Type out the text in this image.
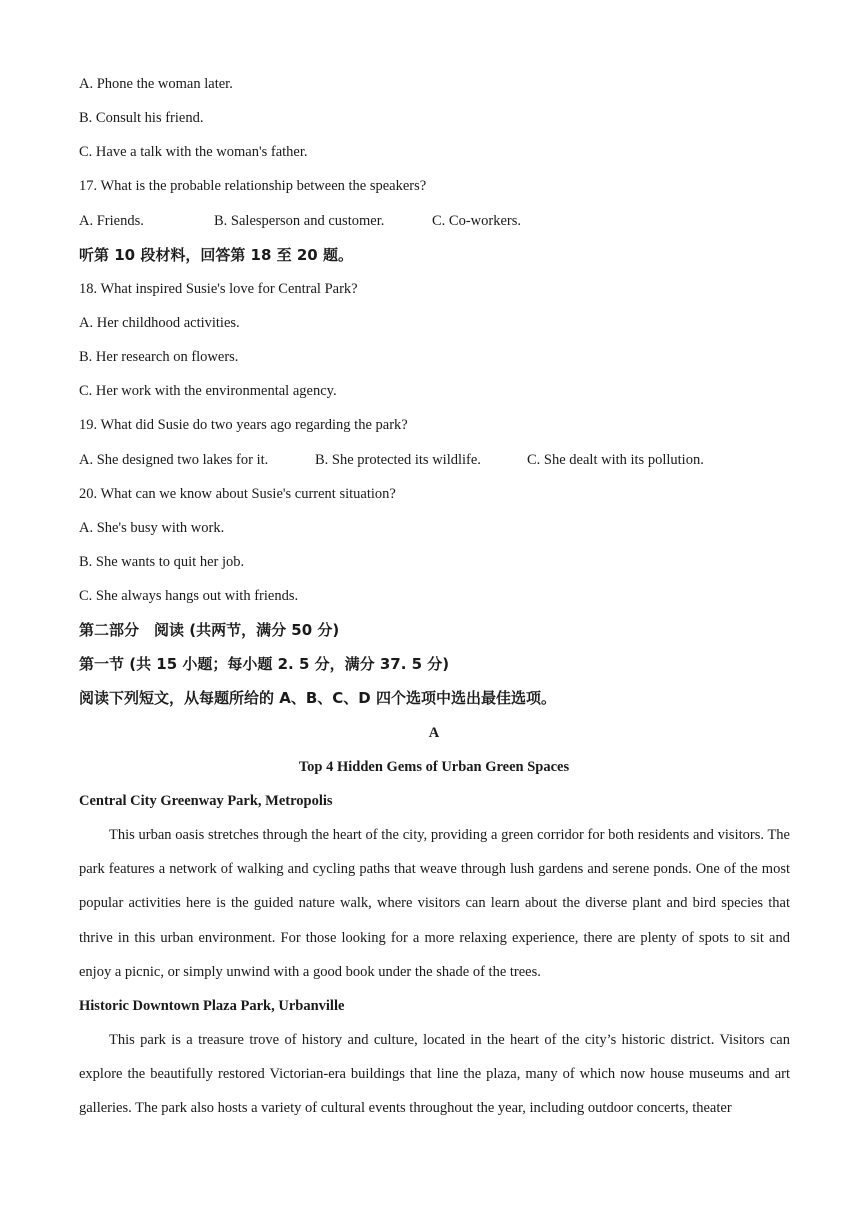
A. Phone the woman later.
B. Consult his friend.
C. Have a talk with the woman's father.
17. What is the probable relationship between the speakers?
A. Friends.	B. Salesperson and customer.	C. Co-workers.
听第 10 段材料，回答第 18 至 20 题。
18. What inspired Susie's love for Central Park?
A. Her childhood activities.
B. Her research on flowers.
C. Her work with the environmental agency.
19. What did Susie do two years ago regarding the park?
A. She designed two lakes for it.	B. She protected its wildlife.	C. She dealt with its pollution.
20. What can we know about Susie's current situation?
A. She's busy with work.
B. She wants to quit her job.
C. She always hangs out with friends.
第二部分　阅读 (共两节，满分 50 分)
第一节 (共 15 小题；每小题 2. 5 分，满分 37. 5 分)
阅读下列短文，从每题所给的 A、B、C、D 四个选项中选出最佳选项。
A
Top 4 Hidden Gems of Urban Green Spaces
Central City Greenway Park, Metropolis

This urban oasis stretches through the heart of the city, providing a green corridor for both residents and visitors. The park features a network of walking and cycling paths that weave through lush gardens and serene ponds. One of the most popular activities here is the guided nature walk, where visitors can learn about the diverse plant and bird species that thrive in this urban environment. For those looking for a more relaxing experience, there are plenty of spots to sit and enjoy a picnic, or simply unwind with a good book under the shade of the trees.

Historic Downtown Plaza Park, Urbanville

This park is a treasure trove of history and culture, located in the heart of the city’s historic district. Visitors can explore the beautifully restored Victorian-era buildings that line the plaza, many of which now house museums and art galleries. The park also hosts a variety of cultural events throughout the year, including outdoor concerts, theater
